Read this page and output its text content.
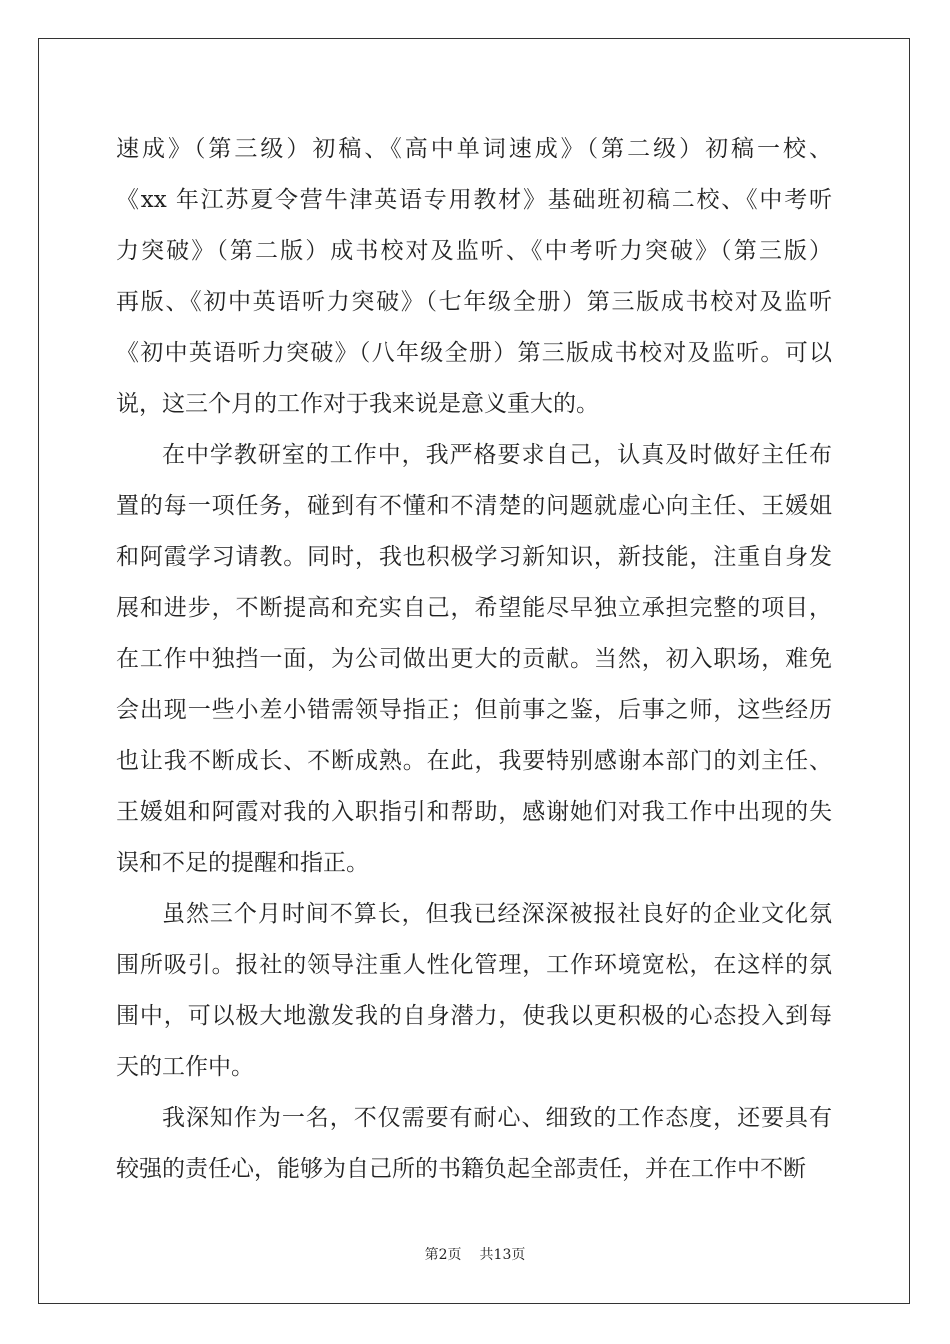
速成》（第三级）初稿、《高中单词速成》（第二级）初稿一校、
《xx 年江苏夏令营牛津英语专用教材》基础班初稿二校、《中考听
力突破》（第二版）成书校对及监听、《中考听力突破》（第三版）
再版、《初中英语听力突破》（七年级全册）第三版成书校对及监听
《初中英语听力突破》（八年级全册）第三版成书校对及监听。可以
说，这三个月的工作对于我来说是意义重大的。
在中学教研室的工作中，我严格要求自己，认真及时做好主任布
置的每一项任务，碰到有不懂和不清楚的问题就虚心向主任、王媛姐
和阿霞学习请教。同时，我也积极学习新知识，新技能，注重自身发
展和进步，不断提高和充实自己，希望能尽早独立承担完整的项目，
在工作中独挡一面，为公司做出更大的贡献。当然，初入职场，难免
会出现一些小差小错需领导指正；但前事之鉴，后事之师，这些经历
也让我不断成长、不断成熟。在此，我要特别感谢本部门的刘主任、
王媛姐和阿霞对我的入职指引和帮助，感谢她们对我工作中出现的失
误和不足的提醒和指正。
虽然三个月时间不算长，但我已经深深被报社良好的企业文化氛
围所吸引。报社的领导注重人性化管理，工作环境宽松，在这样的氛
围中，可以极大地激发我的自身潜力，使我以更积极的心态投入到每
天的工作中。
我深知作为一名，不仅需要有耐心、细致的工作态度，还要具有
较强的责任心，能够为自己所的书籍负起全部责任，并在工作中不断
第2页 共13页
